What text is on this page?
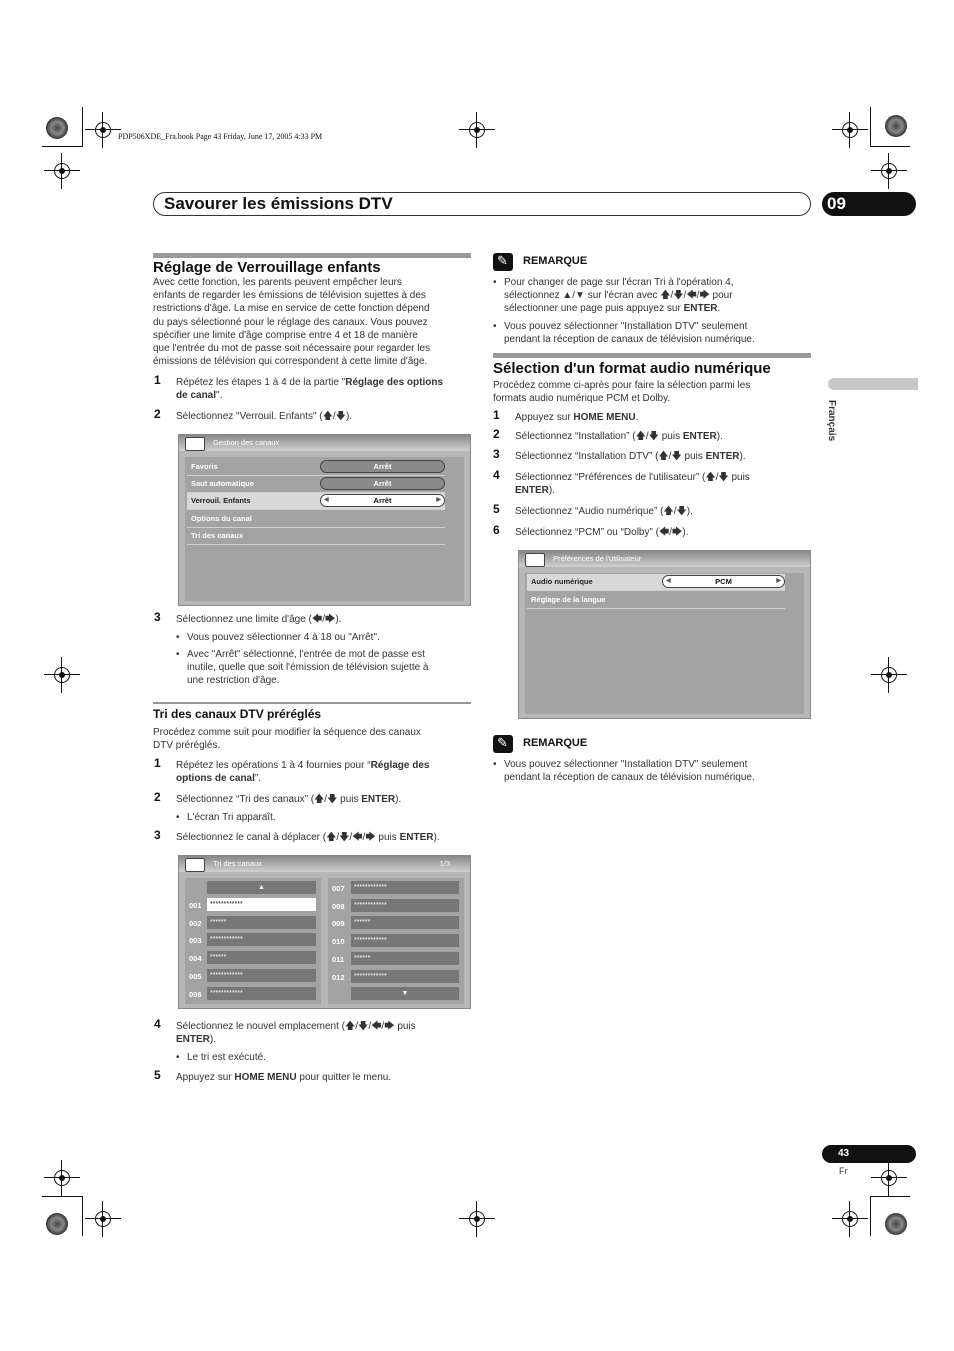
PDP506XDE_Fra.book Page 43 Friday, June 17, 2005 4:33 PM
Savourer les émissions DTV	09
Français
Réglage de Verrouillage enfants
Avec cette fonction, les parents peuvent empêcher leurs
enfants de regarder les émissions de télévision sujettes à des
restrictions d'âge. La mise en service de cette fonction dépend
du pays sélectionné pour le réglage des canaux. Vous pouvez
spécifier une limite d'âge comprise entre 4 et 18 de manière
que l'entrée du mot de passe soit nécessaire pour regarder les
émissions de télévision qui correspondent à cette limite d'âge.
1 Répétez les étapes 1 à 4 de la partie "Réglage des options
de canal".
2 Sélectionnez "Verrouil. Enfants" (🡅/🡇).
Gestion des canaux
Favoris	Arrêt
Saut automatique	Arrêt
Verrouil. Enfants	◀ Arrêt ▶
Options du canal
Tri des canaux
3 Sélectionnez une limite d'âge (🡄/🡆).
• Vous pouvez sélectionner 4 à 18 ou "Arrêt".
• Avec "Arrêt" sélectionné, l'entrée de mot de passe est
inutile, quelle que soit l'émission de télévision sujette à
une restriction d'âge.
Tri des canaux DTV préréglés
Procédez comme suit pour modifier la séquence des canaux
DTV préréglés.
1 Répétez les opérations 1 à 4 fournies pour “Réglage des
options de canal”.
2 Sélectionnez “Tri des canaux” (🡅/🡇 puis ENTER).
• L'écran Tri apparaît.
3 Sélectionnez le canal à déplacer (🡅/🡇/🡄/🡆 puis ENTER).
Tri des canaux	1/3
▲
001	************
002	******
003	************
004	******
005	************
006	************
007	************
008	************
009	******
010	************
011	******
012	************
▼
4 Sélectionnez le nouvel emplacement (🡅/🡇/🡄/🡆 puis
ENTER).
• Le tri est exécuté.
5 Appuyez sur HOME MENU pour quitter le menu.
✎
REMARQUE
• Pour changer de page sur l'écran Tri à l'opération 4,
sélectionnez ▲/▼ sur l'écran avec 🡅/🡇/🡄/🡆 pour
sélectionner une page puis appuyez sur ENTER.
• Vous pouvez sélectionner "Installation DTV" seulement
pendant la réception de canaux de télévision numérique.
Sélection d'un format audio numérique
Procédez comme ci-après pour faire la sélection parmi les
formats audio numérique PCM et Dolby.
1 Appuyez sur HOME MENU.
2 Sélectionnez “Installation” (🡅/🡇 puis ENTER).
3 Sélectionnez “Installation DTV” (🡅/🡇 puis ENTER).
4 Sélectionnez “Préférences de l'utilisateur” (🡅/🡇 puis
ENTER).
5 Sélectionnez “Audio numérique” (🡅/🡇).
6 Sélectionnez “PCM” ou “Dolby” (🡄/🡆).
Préférences de l'utilisateur
Audio numérique	◀ PCM ▶
Réglage de la langue
✎
REMARQUE
• Vous pouvez sélectionner "Installation DTV" seulement
pendant la réception de canaux de télévision numérique.
43
Fr
